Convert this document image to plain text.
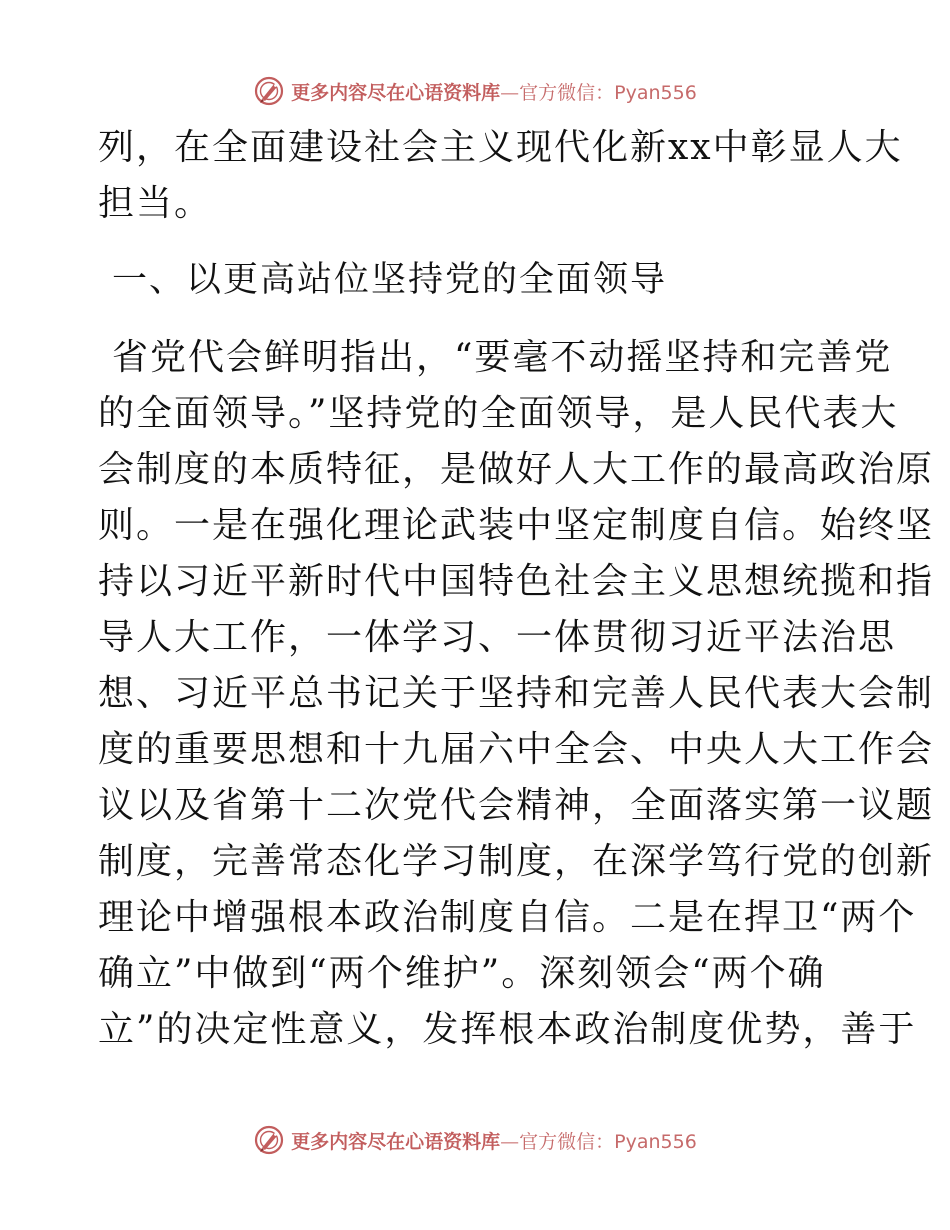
更多内容尽在心语资料库—官方微信：Pyan556
列，在全面建设社会主义现代化新xx中彰显人大
担当。
一、以更高站位坚持党的全面领导
省党代会鲜明指出，“要毫不动摇坚持和完善党
的全面领导。”坚持党的全面领导，是人民代表大
会制度的本质特征，是做好人大工作的最高政治原
则。一是在强化理论武装中坚定制度自信。始终坚
持以习近平新时代中国特色社会主义思想统揽和指
导人大工作，一体学习、一体贯彻习近平法治思
想、习近平总书记关于坚持和完善人民代表大会制
度的重要思想和十九届六中全会、中央人大工作会
议以及省第十二次党代会精神，全面落实第一议题
制度，完善常态化学习制度，在深学笃行党的创新
理论中增强根本政治制度自信。二是在捍卫“两个
确立”中做到“两个维护”。深刻领会“两个确
立”的决定性意义，发挥根本政治制度优势，善于
更多内容尽在心语资料库—官方微信：Pyan556
